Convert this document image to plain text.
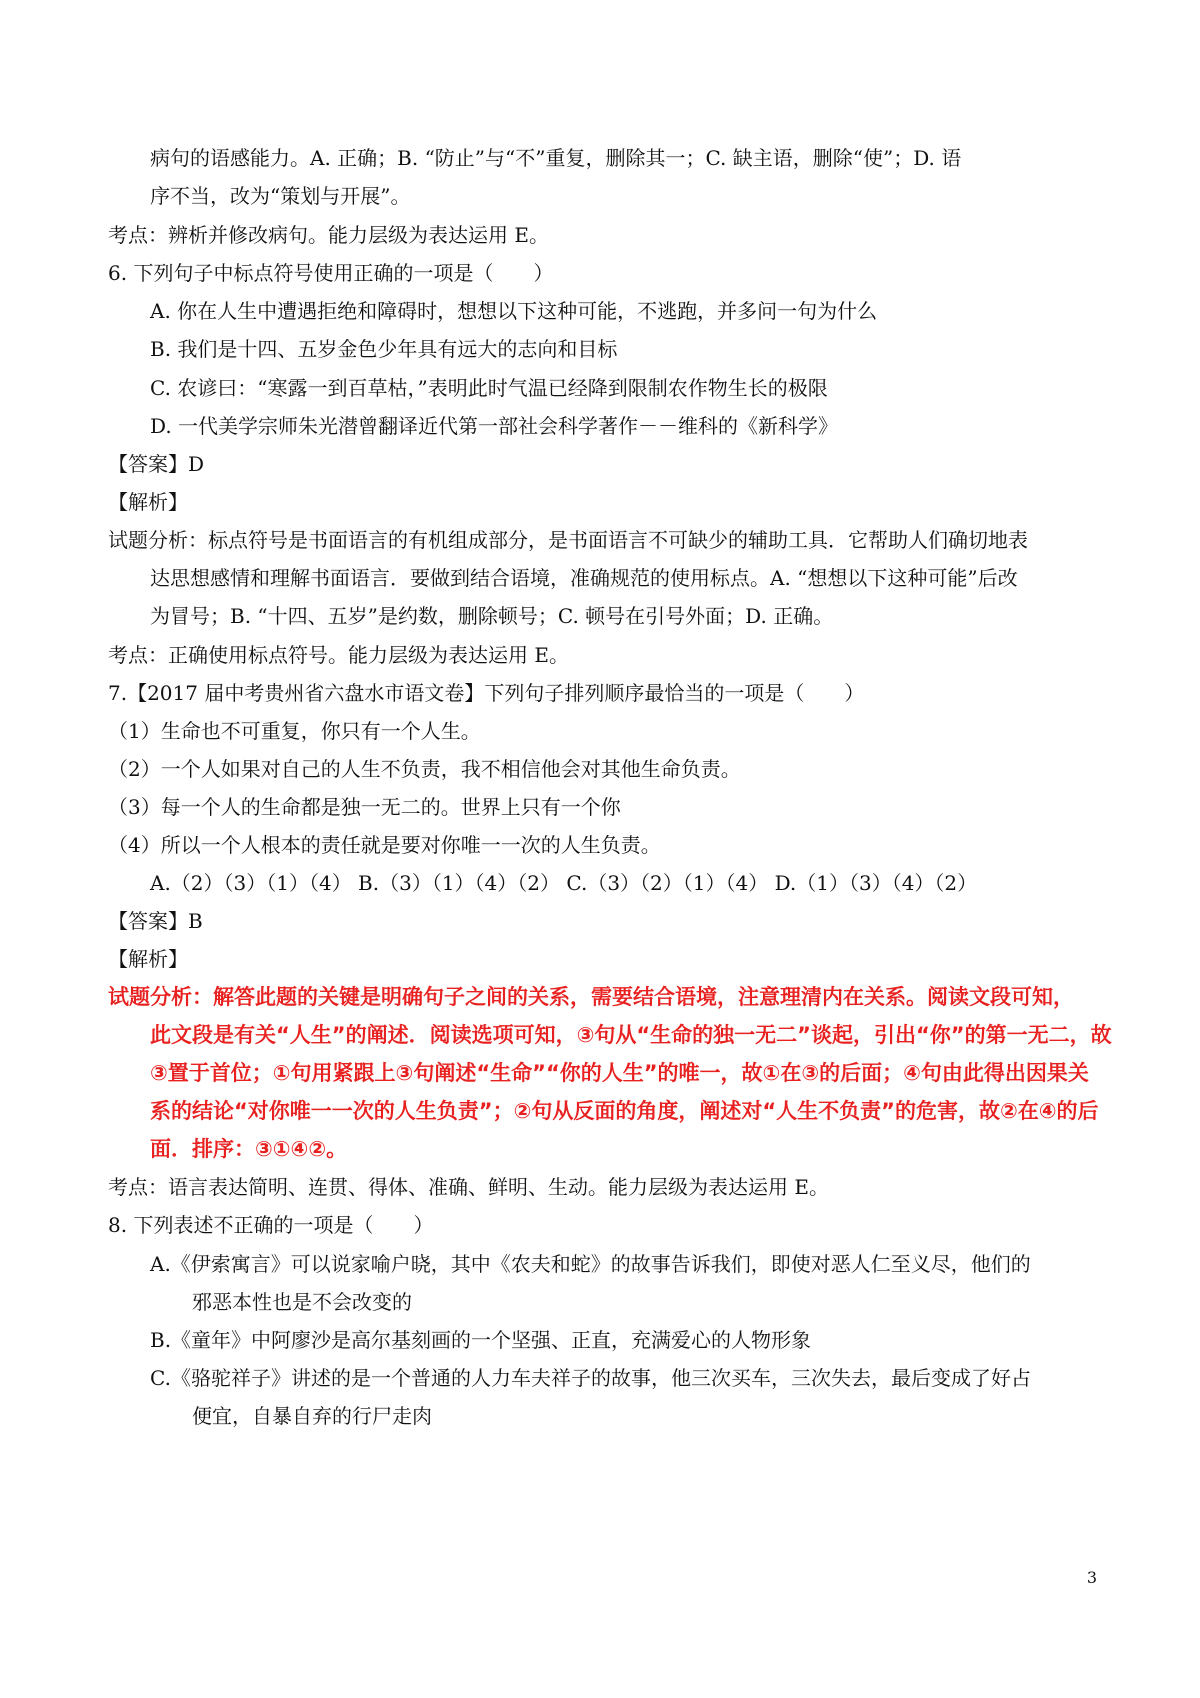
病句的语感能力。A. 正确；B. “防止”与“不”重复，删除其一；C. 缺主语，删除“使”；D. 语
序不当，改为“策划与开展”。
考点：辨析并修改病句。能力层级为表达运用 E。
6. 下列句子中标点符号使用正确的一项是（　　）
A. 你在人生中遭遇拒绝和障碍时，想想以下这种可能，不逃跑，并多问一句为什么
B. 我们是十四、五岁金色少年具有远大的志向和目标
C. 农谚曰：“寒露一到百草枯，”表明此时气温已经降到限制农作物生长的极限
D. 一代美学宗师朱光潜曾翻译近代第一部社会科学著作－－维科的《新科学》
【答案】D
【解析】
试题分析：标点符号是书面语言的有机组成部分，是书面语言不可缺少的辅助工具．它帮助人们确切地表
达思想感情和理解书面语言．要做到结合语境，准确规范的使用标点。A. “想想以下这种可能”后改
为冒号；B. “十四、五岁”是约数，删除顿号；C. 顿号在引号外面；D. 正确。
考点：正确使用标点符号。能力层级为表达运用 E。
7.【2017 届中考贵州省六盘水市语文卷】下列句子排列顺序最恰当的一项是（　　）
（1）生命也不可重复，你只有一个人生。
（2）一个人如果对自己的人生不负责，我不相信他会对其他生命负责。
（3）每一个人的生命都是独一无二的。世界上只有一个你
（4）所以一个人根本的责任就是要对你唯一一次的人生负责。
A.（2）（3）（1）（4） B.（3）（1）（4）（2） C.（3）（2）（1）（4） D.（1）（3）（4）（2）
【答案】B
【解析】
试题分析：解答此题的关键是明确句子之间的关系，需要结合语境，注意理清内在关系。阅读文段可知，
此文段是有关“人生”的阐述．阅读选项可知，③句从“生命的独一无二”谈起，引出“你”的第一无二，故
③置于首位；①句用紧跟上③句阐述“生命”“你的人生”的唯一，故①在③的后面；④句由此得出因果关
系的结论“对你唯一一次的人生负责”；②句从反面的角度，阐述对“人生不负责”的危害，故②在④的后
面．排序：③①④②。
考点：语言表达简明、连贯、得体、准确、鲜明、生动。能力层级为表达运用 E。
8. 下列表述不正确的一项是（　　）
A.《伊索寓言》可以说家喻户晓，其中《农夫和蛇》的故事告诉我们，即使对恶人仁至义尽，他们的
邪恶本性也是不会改变的
B.《童年》中阿廖沙是高尔基刻画的一个坚强、正直，充满爱心的人物形象
C.《骆驼祥子》讲述的是一个普通的人力车夫祥子的故事，他三次买车，三次失去，最后变成了好占
便宜，自暴自弃的行尸走肉
3
